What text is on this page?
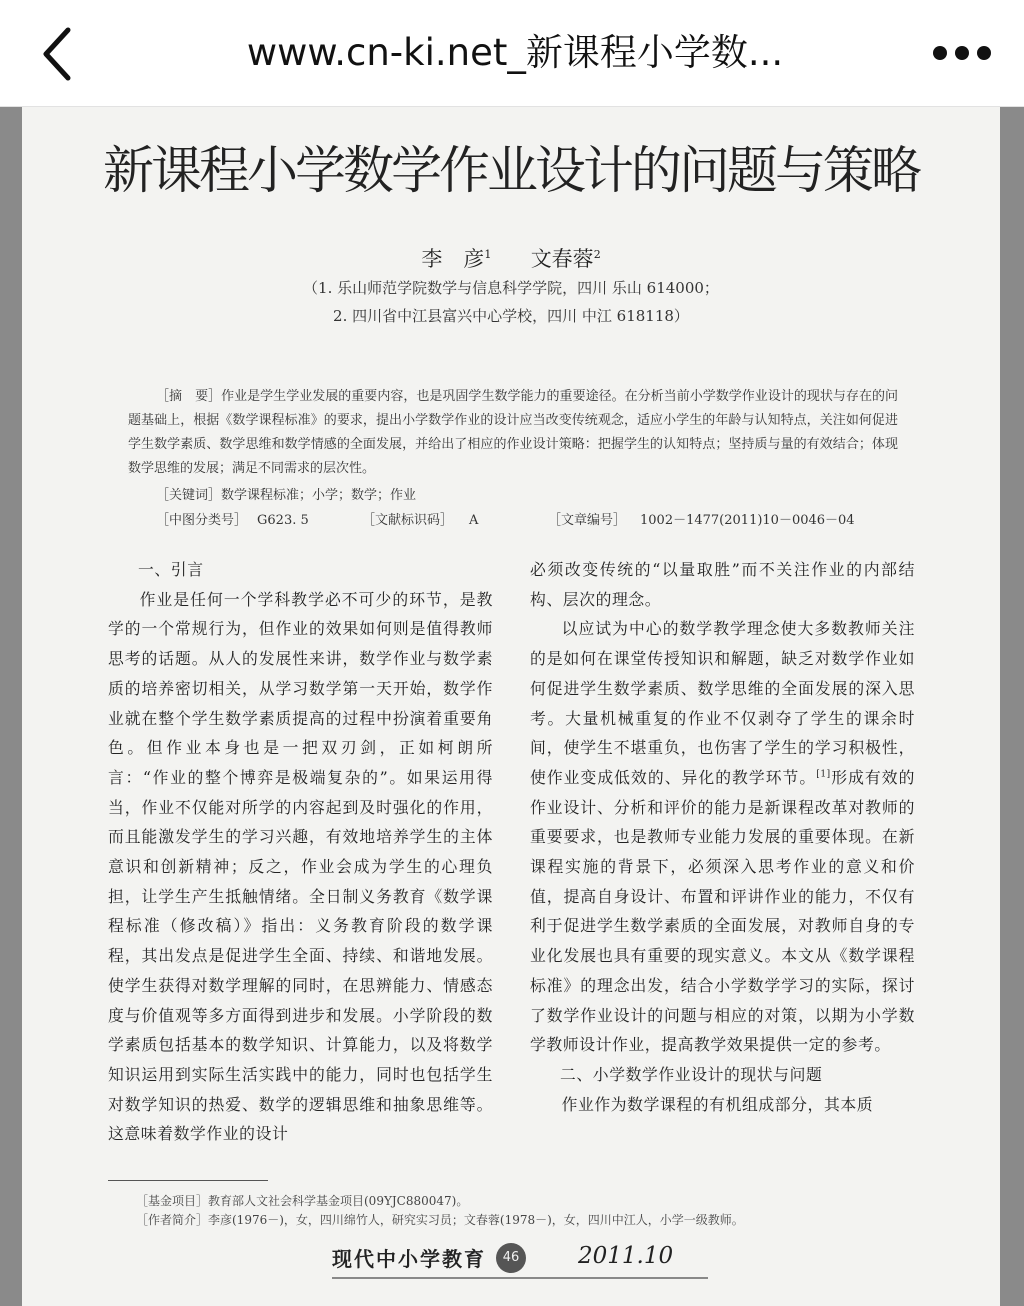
www.cn-ki.net_新课程小学数...
新课程小学数学作业设计的问题与策略
李　彦$^1$ 文春蓉$^2$
（1. 乐山师范学院数学与信息科学学院，四川 乐山 614000；
2. 四川省中江县富兴中心学校，四川 中江 618118）
［摘　要］作业是学生学业发展的重要内容，也是巩固学生数学能力的重要途径。在分析当前小学数学作业设计的现状与存在的问题基础上，根据《数学课程标准》的要求，提出小学数学作业的设计应当改变传统观念，适应小学生的年龄与认知特点，关注如何促进学生数学素质、数学思维和数学情感的全面发展，并给出了相应的作业设计策略：把握学生的认知特点；坚持质与量的有效结合；体现数学思维的发展；满足不同需求的层次性。
［关键词］数学课程标准；小学；数学；作业
［中图分类号］ G623. 5	［文献标识码］ A	［文章编号］ 1002－1477(2011)10－0046－04

一、引言

作业是任何一个学科教学必不可少的环节，是教学的一个常规行为，但作业的效果如何则是值得教师思考的话题。从人的发展性来讲，数学作业与数学素质的培养密切相关，从学习数学第一天开始，数学作业就在整个学生数学素质提高的过程中扮演着重要角色。但作业本身也是一把双刃剑，正如柯朗所言：“作业的整个博弈是极端复杂的”。如果运用得当，作业不仅能对所学的内容起到及时强化的作用，而且能激发学生的学习兴趣，有效地培养学生的主体意识和创新精神；反之，作业会成为学生的心理负担，让学生产生抵触情绪。全日制义务教育《数学课程标准（修改稿）》指出：义务教育阶段的数学课程，其出发点是促进学生全面、持续、和谐地发展。使学生获得对数学理解的同时，在思辨能力、情感态度与价值观等多方面得到进步和发展。小学阶段的数学素质包括基本的数学知识、计算能力，以及将数学知识运用到实际生活实践中的能力，同时也包括学生对数学知识的热爱、数学的逻辑思维和抽象思维等。这意味着数学作业的设计

必须改变传统的“以量取胜”而不关注作业的内部结构、层次的理念。

以应试为中心的数学教学理念使大多数教师关注的是如何在课堂传授知识和解题，缺乏对数学作业如何促进学生数学素质、数学思维的全面发展的深入思考。大量机械重复的作业不仅剥夺了学生的课余时间，使学生不堪重负，也伤害了学生的学习积极性，使作业变成低效的、异化的教学环节。[1]形成有效的作业设计、分析和评价的能力是新课程改革对教师的重要要求，也是教师专业能力发展的重要体现。在新课程实施的背景下，必须深入思考作业的意义和价值，提高自身设计、布置和评讲作业的能力，不仅有利于促进学生数学素质的全面发展，对教师自身的专业化发展也具有重要的现实意义。本文从《数学课程标准》的理念出发，结合小学数学学习的实际，探讨了数学作业设计的问题与相应的对策，以期为小学数学教师设计作业，提高教学效果提供一定的参考。

二、小学数学作业设计的现状与问题

作业作为数学课程的有机组成部分，其本质

［基金项目］教育部人文社会科学基金项目(09YJC880047)。
［作者简介］李彦(1976－)，女，四川绵竹人，研究实习员；文春蓉(1978－)，女，四川中江人，小学一级教师。
现代中小学教育	46	2011.10
